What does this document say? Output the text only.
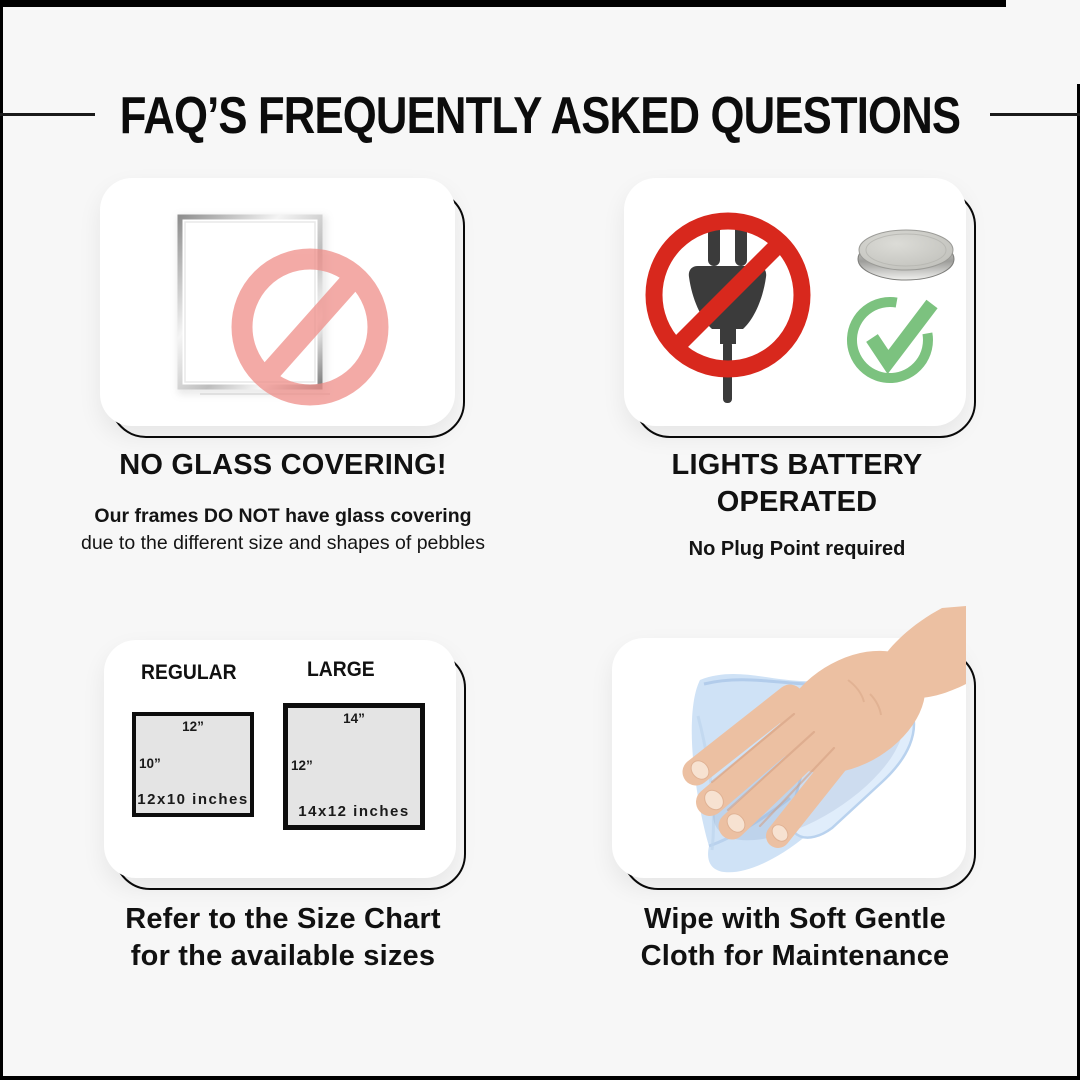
FAQ’S FREQUENTLY ASKED QUESTIONS
NO GLASS COVERING!
Our frames DO NOT have glass covering due to the different size and shapes of pebbles
LIGHTS BATTERY
OPERATED
No Plug Point required
REGULAR	LARGE
12”
10”
12x10 inches
14”
12”
14x12 inches
Refer to the Size Chart
for the available sizes
Wipe with Soft Gentle
Cloth for Maintenance
